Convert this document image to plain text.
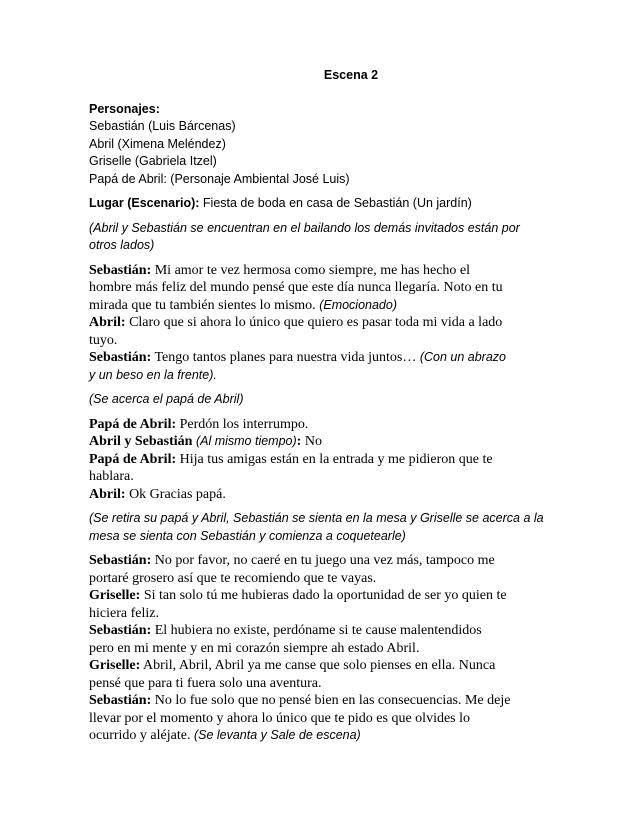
Escena 2
Personajes:
Sebastián (Luis Bárcenas)
Abril (Ximena Meléndez)
Griselle (Gabriela Itzel)
Papá de Abril: (Personaje Ambiental José Luis)
Lugar (Escenario): Fiesta de boda en casa de Sebastián (Un jardín)
(Abril y Sebastián se encuentran en el bailando los demás invitados están por
otros lados)
Sebastián: Mi amor te vez hermosa como siempre, me has hecho el
hombre más feliz del mundo pensé que este día nunca llegaría. Noto en tu
mirada que tu también sientes lo mismo. (Emocionado)
Abril: Claro que si ahora lo único que quiero es pasar toda mi vida a lado
tuyo.
Sebastián: Tengo tantos planes para nuestra vida juntos… (Con un abrazo
y un beso en la frente).
(Se acerca el papá de Abril)
Papá de Abril: Perdón los interrumpo.
Abril y Sebastián (Al mismo tiempo): No
Papá de Abril: Hija tus amigas están en la entrada y me pidieron que te
hablara.
Abril: Ok Gracias papá.
(Se retira su papá y Abril, Sebastián se sienta en la mesa y Griselle se acerca a la
mesa se sienta con Sebastián y comienza a coquetearle)
Sebastián: No por favor, no caeré en tu juego una vez más, tampoco me
portaré grosero así que te recomiendo que te vayas.
Griselle: Si tan solo tú me hubieras dado la oportunidad de ser yo quien te
hiciera feliz.
Sebastián: El hubiera no existe, perdóname si te cause malentendidos
pero en mi mente y en mi corazón siempre ah estado Abril.
Griselle: Abril, Abril, Abril ya me canse que solo pienses en ella. Nunca
pensé que para ti fuera solo una aventura.
Sebastián: No lo fue solo que no pensé bien en las consecuencias. Me deje
llevar por el momento y ahora lo único que te pido es que olvides lo
ocurrido y aléjate. (Se levanta y Sale de escena)
